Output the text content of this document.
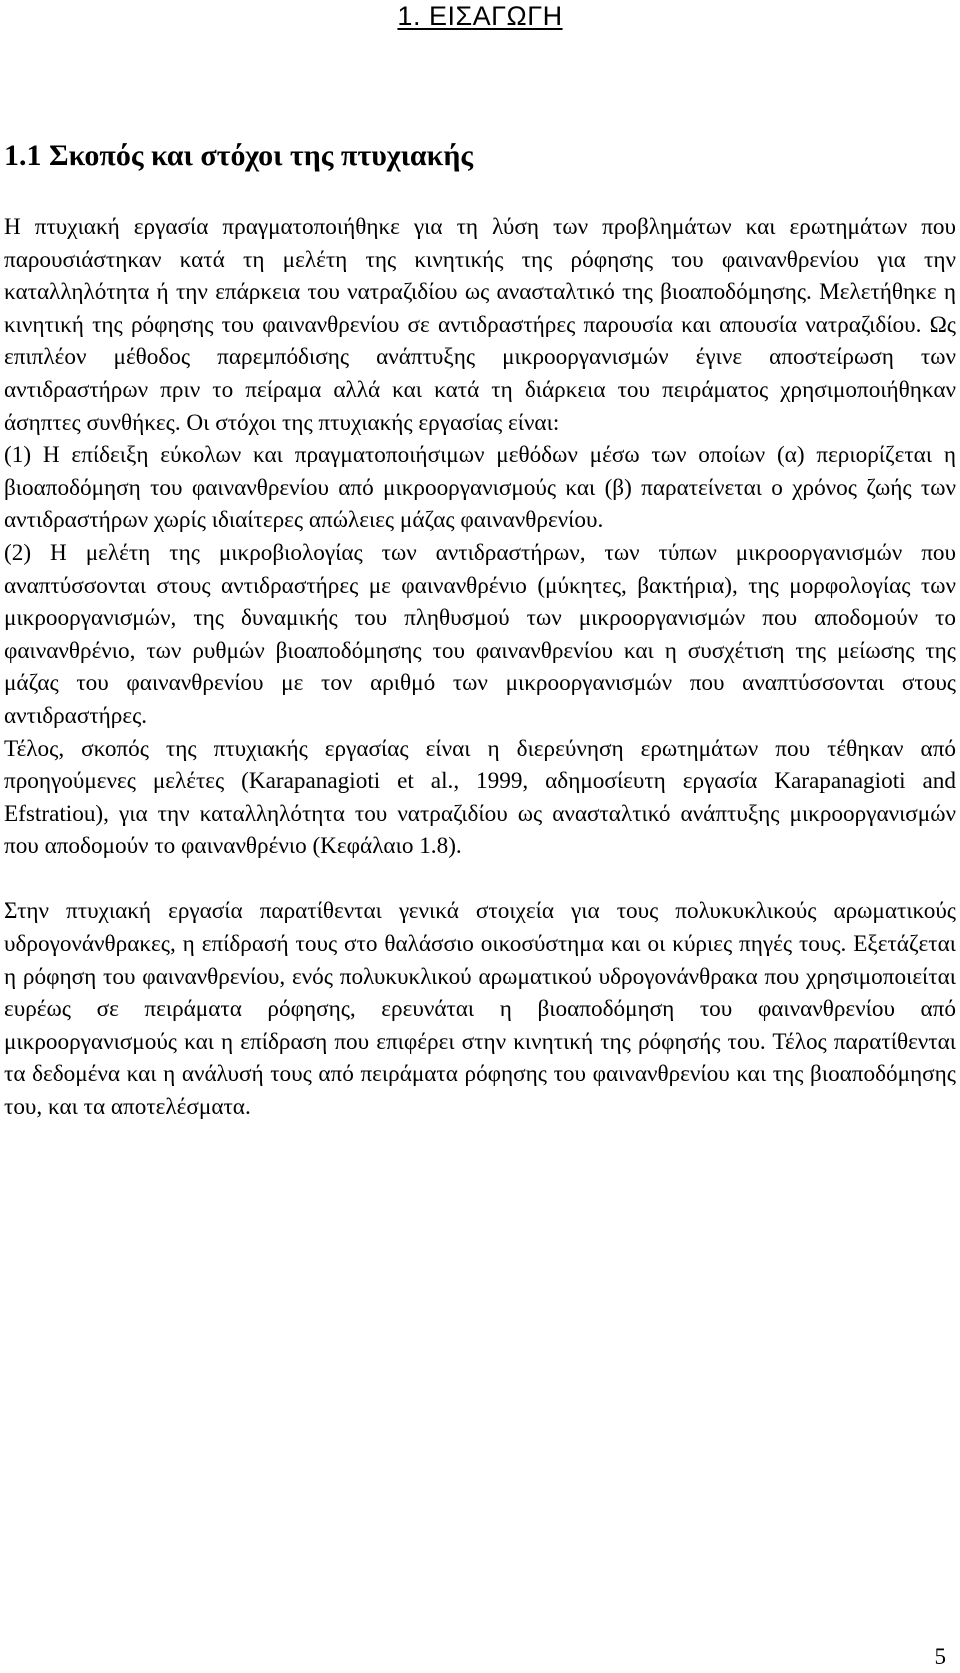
1. ΕΙΣΑΓΩΓΗ
1.1 Σκοπός και στόχοι της πτυχιακής

Η πτυχιακή εργασία πραγματοποιήθηκε για τη λύση των προβλημάτων και ερωτημάτων που παρουσιάστηκαν κατά τη μελέτη της κινητικής της ρόφησης του φαινανθρενίου για την καταλληλότητα ή την επάρκεια του νατραζιδίου ως ανασταλτικό της βιοαποδόμησης. Μελετήθηκε η κινητική της ρόφησης του φαινανθρενίου σε αντιδραστήρες παρουσία και απουσία νατραζιδίου. Ως επιπλέον μέθοδος παρεμπόδισης ανάπτυξης μικροοργανισμών έγινε αποστείρωση των αντιδραστήρων πριν το πείραμα αλλά και κατά τη διάρκεια του πειράματος χρησιμοποιήθηκαν άσηπτες συνθήκες. Οι στόχοι της πτυχιακής εργασίας είναι:

(1) Η επίδειξη εύκολων και πραγματοποιήσιμων μεθόδων μέσω των οποίων (α) περιορίζεται η βιοαποδόμηση του φαινανθρενίου από μικροοργανισμούς και (β) παρατείνεται ο χρόνος ζωής των αντιδραστήρων χωρίς ιδιαίτερες απώλειες μάζας φαινανθρενίου.

(2) Η μελέτη της μικροβιολογίας των αντιδραστήρων, των τύπων μικροοργανισμών που αναπτύσσονται στους αντιδραστήρες με φαινανθρένιο (μύκητες, βακτήρια), της μορφολογίας των μικροοργανισμών, της δυναμικής του πληθυσμού των μικροοργανισμών που αποδομούν το φαινανθρένιο, των ρυθμών βιοαποδόμησης του φαινανθρενίου και η συσχέτιση της μείωσης της μάζας του φαινανθρενίου με τον αριθμό των μικροοργανισμών που αναπτύσσονται στους αντιδραστήρες.

Τέλος, σκοπός της πτυχιακής εργασίας είναι η διερεύνηση ερωτημάτων που τέθηκαν από προηγούμενες μελέτες (Karapanagioti et al., 1999, αδημοσίευτη εργασία Karapanagioti and Efstratiou), για την καταλληλότητα του νατραζιδίου ως ανασταλτικό ανάπτυξης μικροοργανισμών που αποδομούν το φαινανθρένιο (Κεφάλαιο 1.8).

Στην πτυχιακή εργασία παρατίθενται γενικά στοιχεία για τους πολυκυκλικούς αρωματικούς υδρογονάνθρακες, η επίδρασή τους στο θαλάσσιο οικοσύστημα και οι κύριες πηγές τους. Εξετάζεται η ρόφηση του φαινανθρενίου, ενός πολυκυκλικού αρωματικού υδρογονάνθρακα που χρησιμοποιείται ευρέως σε πειράματα ρόφησης, ερευνάται η βιοαποδόμηση του φαινανθρενίου από μικροοργανισμούς και η επίδραση που επιφέρει στην κινητική της ρόφησής του. Τέλος παρατίθενται τα δεδομένα και η ανάλυσή τους από πειράματα ρόφησης του φαινανθρενίου και της βιοαποδόμησης του, και τα αποτελέσματα.

5
